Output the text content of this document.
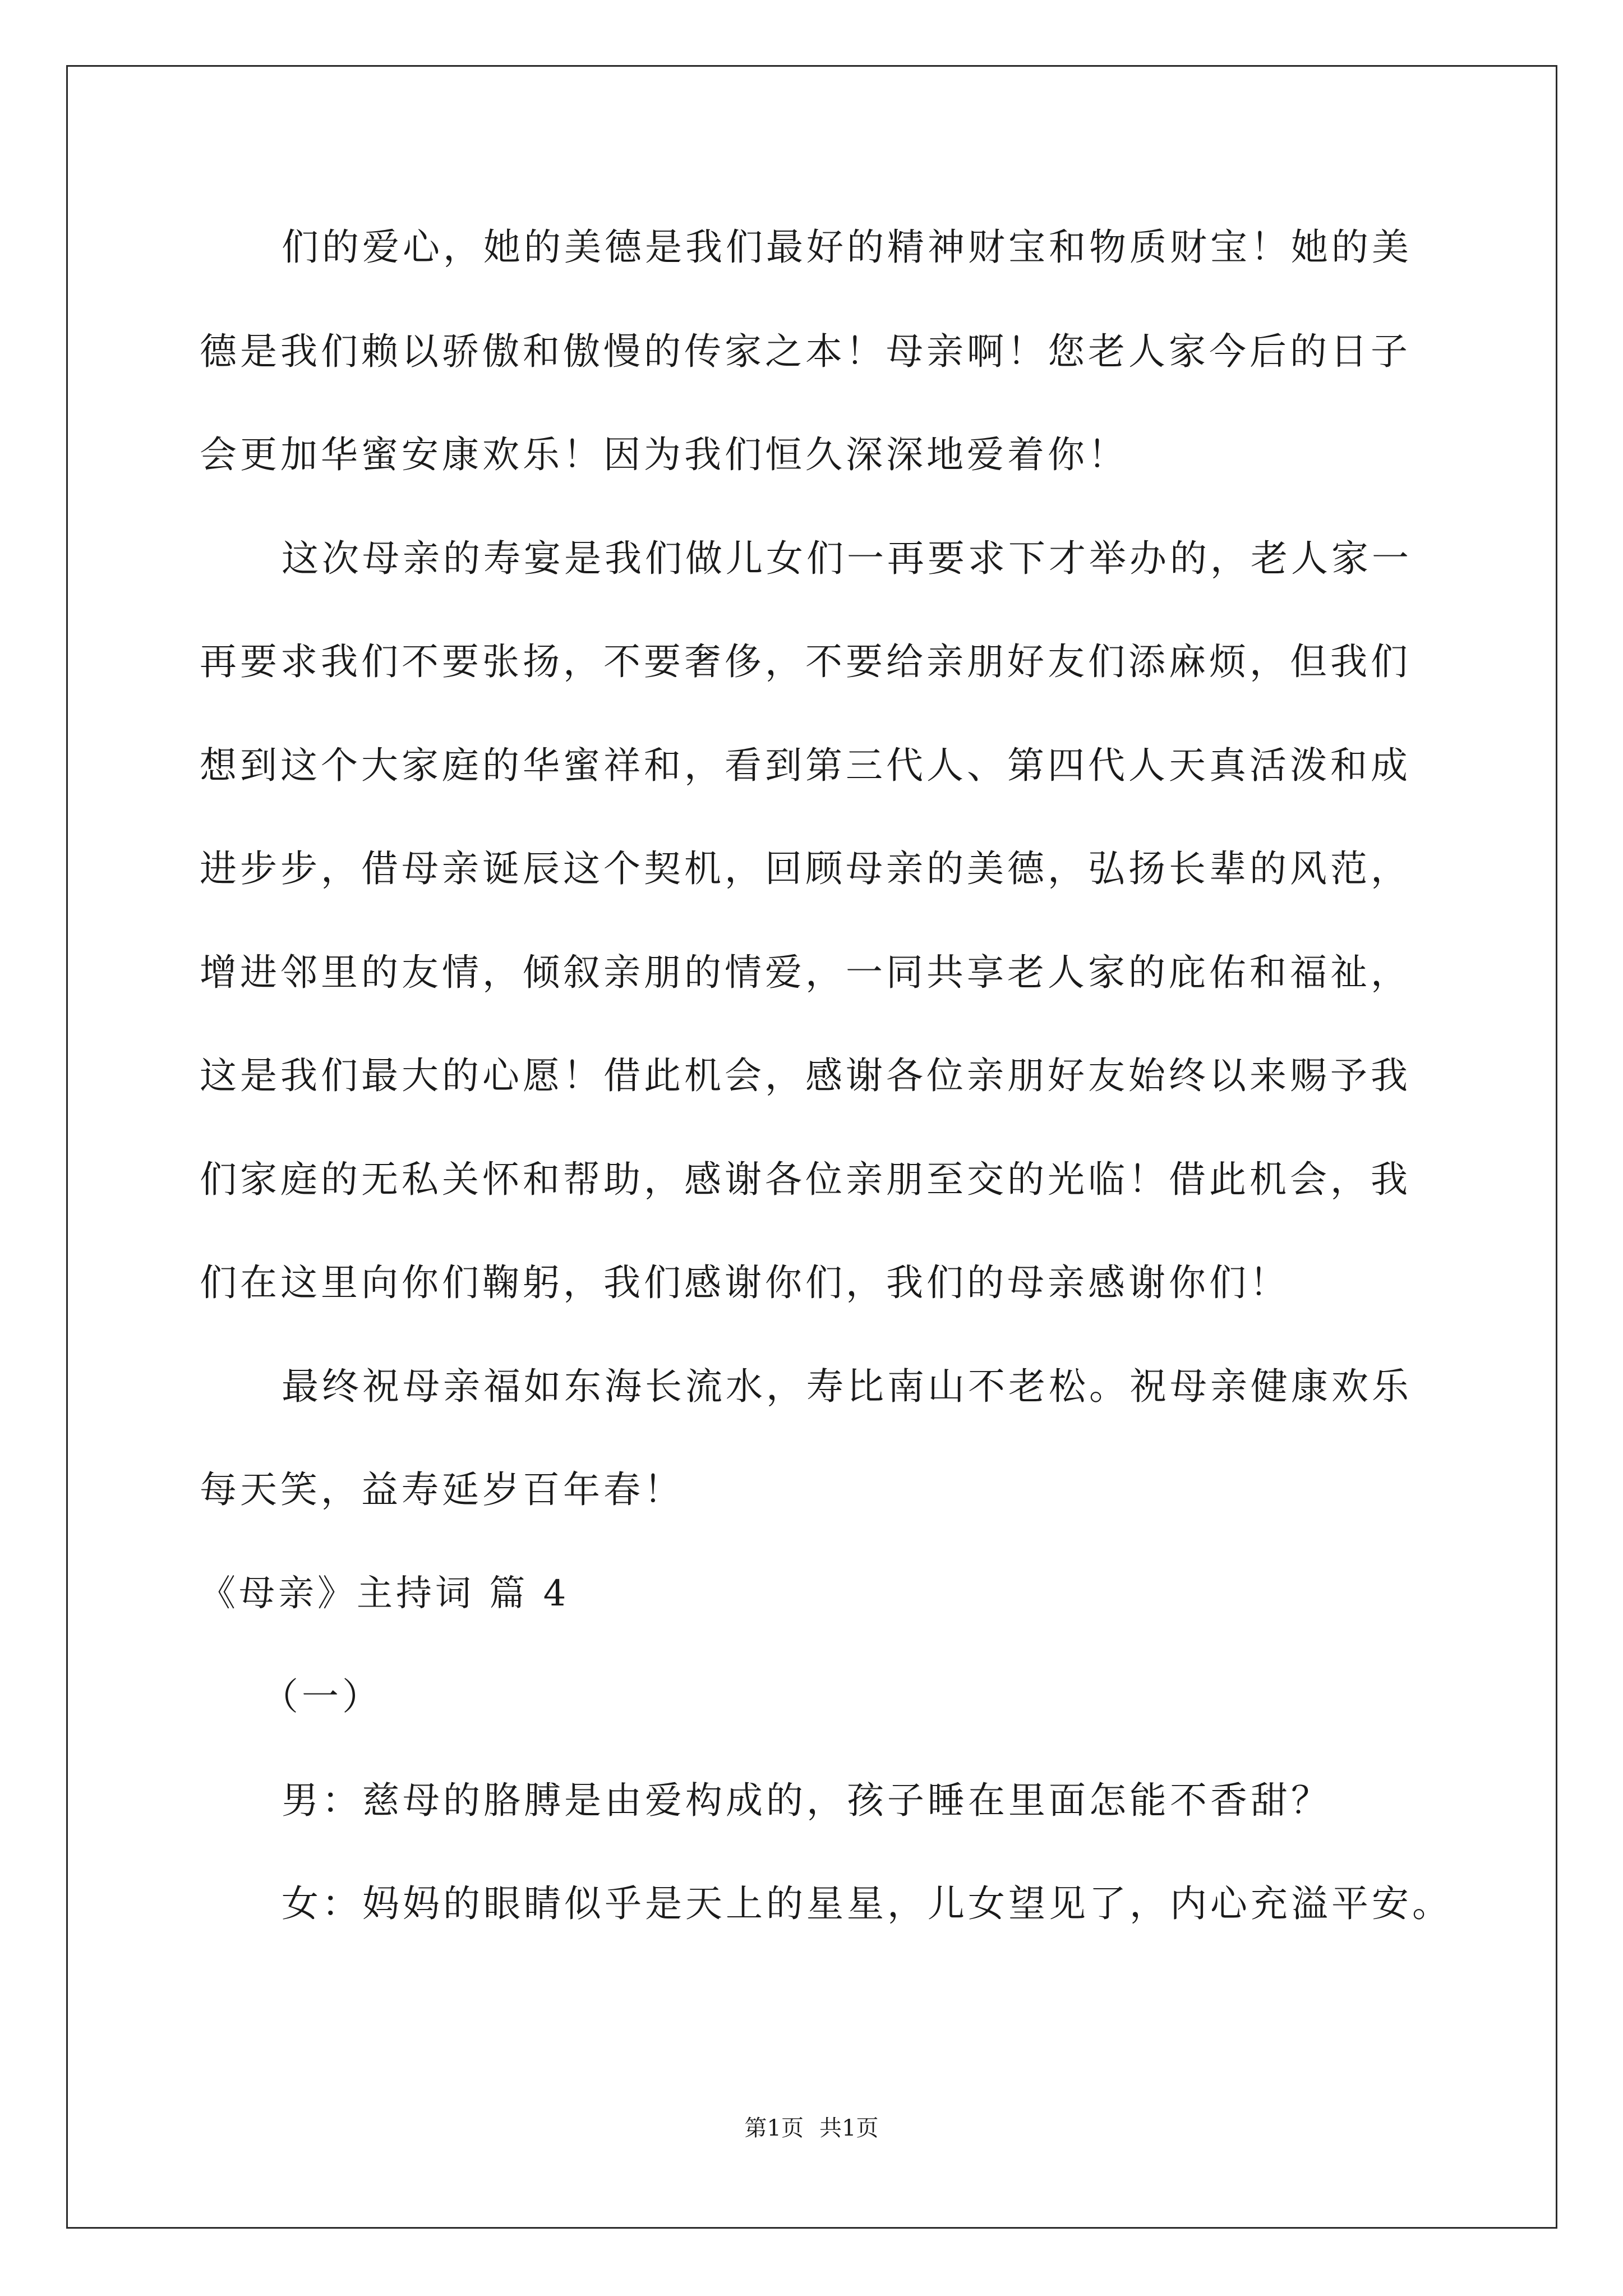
们的爱心，她的美德是我们最好的精神财宝和物质财宝！她的美
德是我们赖以骄傲和傲慢的传家之本！母亲啊！您老人家今后的日子
会更加华蜜安康欢乐！因为我们恒久深深地爱着你！
这次母亲的寿宴是我们做儿女们一再要求下才举办的，老人家一
再要求我们不要张扬，不要奢侈，不要给亲朋好友们添麻烦，但我们
想到这个大家庭的华蜜祥和，看到第三代人、第四代人天真活泼和成
进步步，借母亲诞辰这个契机，回顾母亲的美德，弘扬长辈的风范，
增进邻里的友情，倾叙亲朋的情爱，一同共享老人家的庇佑和福祉，
这是我们最大的心愿！借此机会，感谢各位亲朋好友始终以来赐予我
们家庭的无私关怀和帮助，感谢各位亲朋至交的光临！借此机会，我
们在这里向你们鞠躬，我们感谢你们，我们的母亲感谢你们！
最终祝母亲福如东海长流水，寿比南山不老松。祝母亲健康欢乐
每天笑，益寿延岁百年春！
《母亲》主持词 篇 4
（一）
男：慈母的胳膊是由爱构成的，孩子睡在里面怎能不香甜？
女：妈妈的眼睛似乎是天上的星星，儿女望见了，内心充溢平安。
第1页 共1页
